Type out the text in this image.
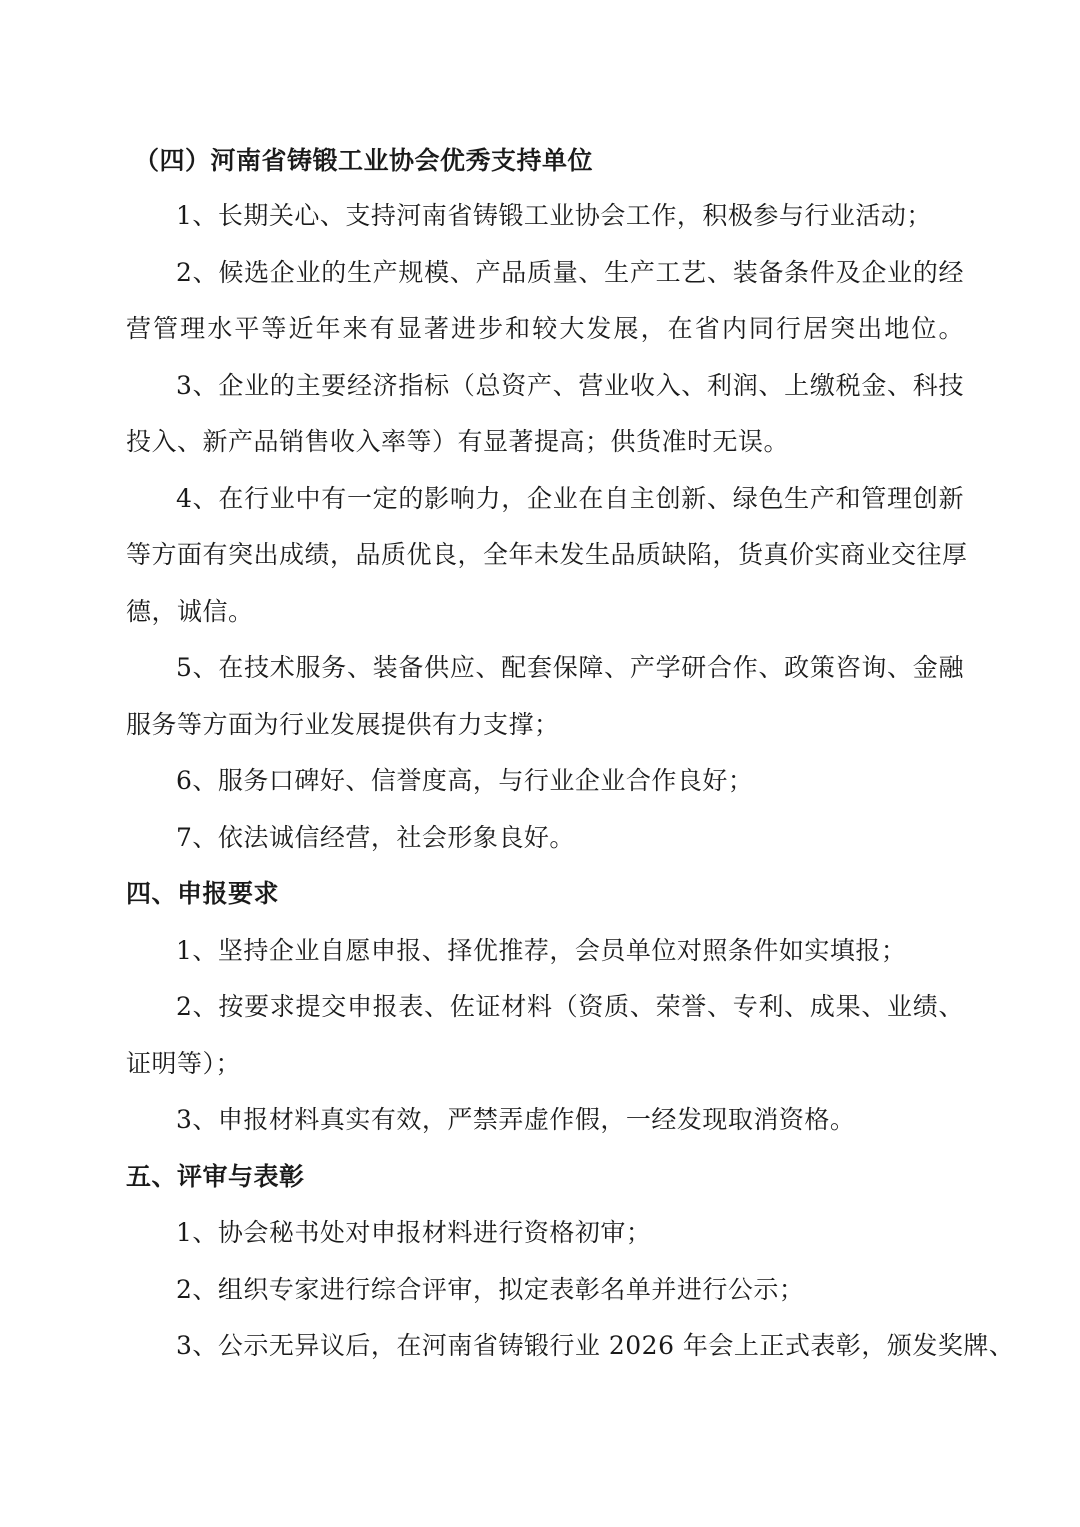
（四）河南省铸锻工业协会优秀支持单位
1、长期关心、支持河南省铸锻工业协会工作，积极参与行业活动；
2、候选企业的生产规模、产品质量、生产工艺、装备条件及企业的经
营管理水平等近年来有显著进步和较大发展，在省内同行居突出地位。
3、企业的主要经济指标（总资产、营业收入、利润、上缴税金、科技
投入、新产品销售收入率等）有显著提高；供货准时无误。
4、在行业中有一定的影响力，企业在自主创新、绿色生产和管理创新
等方面有突出成绩，品质优良，全年未发生品质缺陷，货真价实商业交往厚
德，诚信。
5、在技术服务、装备供应、配套保障、产学研合作、政策咨询、金融
服务等方面为行业发展提供有力支撑；
6、服务口碑好、信誉度高，与行业企业合作良好；
7、依法诚信经营，社会形象良好。
四、申报要求
1、坚持企业自愿申报、择优推荐，会员单位对照条件如实填报；
2、按要求提交申报表、佐证材料（资质、荣誉、专利、成果、业绩、
证明等）；
3、申报材料真实有效，严禁弄虚作假，一经发现取消资格。
五、评审与表彰
1、协会秘书处对申报材料进行资格初审；
2、组织专家进行综合评审，拟定表彰名单并进行公示；
3、公示无异议后，在河南省铸锻行业 2026 年会上正式表彰，颁发奖牌、
